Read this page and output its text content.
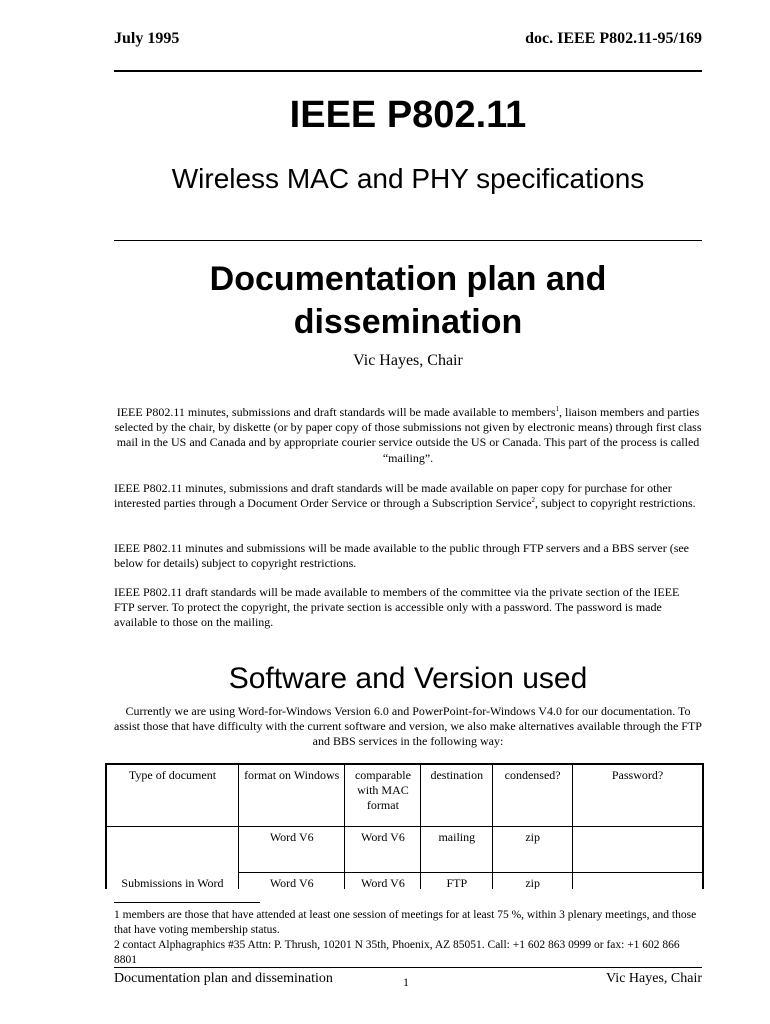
July 1995	doc. IEEE P802.11-95/169
IEEE P802.11
Wireless MAC and PHY specifications
Documentation plan and
dissemination
Vic Hayes, Chair
IEEE P802.11 minutes, submissions and draft standards will be made available to members$^1$, liaison members and parties selected by the chair, by diskette (or by paper copy of those submissions not given by electronic means) through first class mail in the US and Canada and by appropriate courier service outside the US or Canada. This part of the process is called “mailing”.
IEEE P802.11 minutes, submissions and draft standards will be made available on paper copy for purchase for other interested parties through a Document Order Service or through a Subscription Service$^2$, subject to copyright restrictions.
IEEE P802.11 minutes and submissions will be made available to the public through FTP servers and a BBS server (see below for details) subject to copyright restrictions.
IEEE P802.11 draft standards will be made available to members of the committee via the private section of the IEEE FTP server. To protect the copyright, the private section is accessible only with a password. The password is made available to those on the mailing.
Software and Version used
Currently we are using Word-for-Windows Version 6.0 and PowerPoint-for-Windows V4.0 for our documentation. To assist those that have difficulty with the current software and version, we also make alternatives available through the FTP and BBS services in the following way:
Type of document	format on Windows	comparable with MAC format	destination	condensed?	Password?
Submissions in Word	Word V6	Word V6	mailing	zip	
	Word V6	Word V6	FTP	zip	
1 members are those that have attended at least one session of meetings for at least 75 %, within 3 plenary meetings, and those that have voting membership status.
2 contact Alphagraphics #35 Attn: P. Thrush, 10201 N 35th, Phoenix, AZ 85051. Call: +1 602 863 0999 or fax: +1 602 866 8801
Documentation plan and dissemination	1	Vic Hayes, Chair
